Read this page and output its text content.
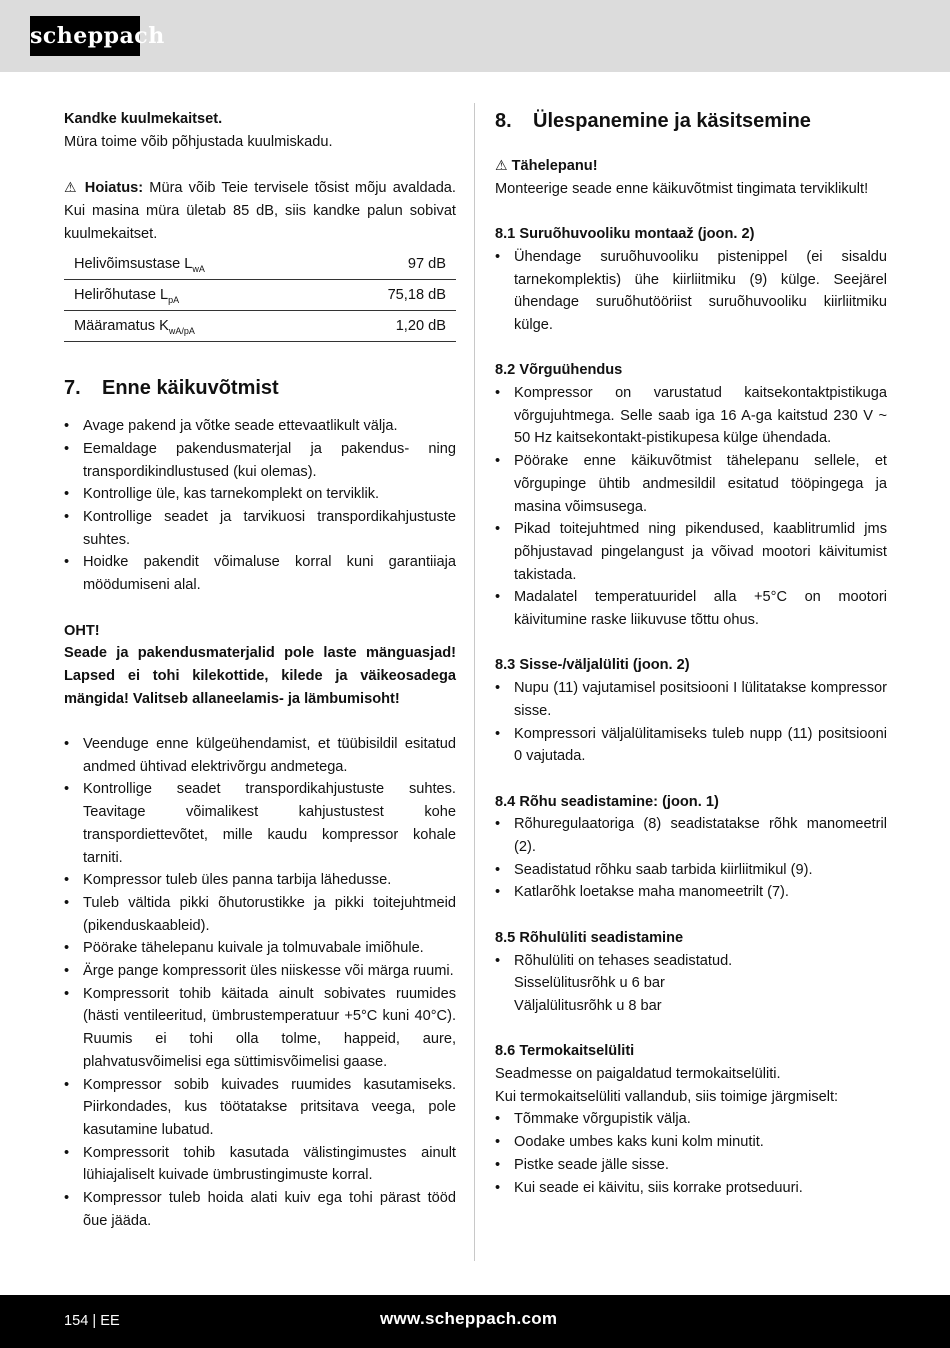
scheppach

Kandke kuulmekaitset.

Müra toime võib põhjustada kuulmiskadu.

⚠ Hoiatus: Müra võib Teie tervisele tõsist mõju avaldada. Kui masina müra ületab 85 dB, siis kandke palun sobivat kuulmekaitset.

Helivõimsustase $L_{wA}$	97 dB
Helirõhutase $L_{pA}$	75,18 dB
Määramatus $K_{wA/pA}$	1,20 dB
7. Enne käikuvõtmist
• Avage pakend ja võtke seade ettevaatlikult välja.
• Eemaldage pakendusmaterjal ja pakendus- ning transpordikindlustused (kui olemas).
• Kontrollige üle, kas tarnekomplekt on terviklik.
• Kontrollige seadet ja tarvikuosi transpordikahjustuste suhtes.
• Hoidke pakendit võimaluse korral kuni garantiiaja möödumiseni alal.

OHT!

Seade ja pakendusmaterjalid pole laste mänguasjad! Lapsed ei tohi kilekottide, kilede ja väikeosadega mängida! Valitseb allaneelamis- ja lämbumisoht!

• Veenduge enne külgeühendamist, et tüübisildil esitatud andmed ühtivad elektrivõrgu andmetega.
• Kontrollige seadet transpordikahjustuste suhtes. Teavitage võimalikest kahjustustest kohe transpordiettevõtet, mille kaudu kompressor kohale tarniti.
• Kompressor tuleb üles panna tarbija lähedusse.
• Tuleb vältida pikki õhutorustikke ja pikki toitejuhtmeid (pikenduskaableid).
• Pöörake tähelepanu kuivale ja tolmuvabale imiõhule.
• Ärge pange kompressorit üles niiskesse või märga ruumi.
• Kompressorit tohib käitada ainult sobivates ruumides (hästi ventileeritud, ümbrustemperatuur +5°C kuni 40°C). Ruumis ei tohi olla tolme, happeid, aure, plahvatusvõimelisi ega süttimisvõimelisi gaase.
• Kompressor sobib kuivades ruumides kasutamiseks. Piirkondades, kus töötatakse pritsitava veega, pole kasutamine lubatud.
• Kompressorit tohib kasutada välistingimustes ainult lühiajaliselt kuivade ümbrustingimuste korral.
• Kompressor tuleb hoida alati kuiv ega tohi pärast tööd õue jääda.
8. Ülespanemine ja käsitsemine

⚠ Tähelepanu!

Monteerige seade enne käikuvõtmist tingimata terviklikult!

8.1 Suruõhuvooliku montaaž (joon. 2)

• Ühendage suruõhuvooliku pistenippel (ei sisaldu tarnekomplektis) ühe kiirliitmiku (9) külge. Seejärel ühendage suruõhutööriist suruõhuvooliku kiirliitmiku külge.

8.2 Võrguühendus

• Kompressor on varustatud kaitsekontaktpistikuga võrgujuhtmega. Selle saab iga 16 A-ga kaitstud 230 V ~ 50 Hz kaitsekontakt-pistikupesa külge ühendada.
• Pöörake enne käikuvõtmist tähelepanu sellele, et võrgupinge ühtib andmesildil esitatud tööpingega ja masina võimsusega.
• Pikad toitejuhtmed ning pikendused, kaablitrumlid jms põhjustavad pingelangust ja võivad mootori käivitumist takistada.
• Madalatel temperatuuridel alla +5°C on mootori käivitumine raske liikuvuse tõttu ohus.

8.3 Sisse-/väljalüliti (joon. 2)

• Nupu (11) vajutamisel positsiooni I lülitatakse kompressor sisse.
• Kompressori väljalülitamiseks tuleb nupp (11) positsiooni 0 vajutada.

8.4 Rõhu seadistamine: (joon. 1)

• Rõhuregulaatoriga (8) seadistatakse rõhk manomeetril (2).
• Seadistatud rõhku saab tarbida kiirliitmikul (9).
• Katlarõhk loetakse maha manomeetrilt (7).

8.5 Rõhulüliti seadistamine

• Rõhulüliti on tehases seadistatud.

Sisselülitusrõhk u 6 bar

Väljalülitusrõhk u 8 bar

8.6 Termokaitselüliti

Seadmesse on paigaldatud termokaitselüliti.

Kui termokaitselüliti vallandub, siis toimige järgmiselt:

• Tõmmake võrgupistik välja.
• Oodake umbes kaks kuni kolm minutit.
• Pistke seade jälle sisse.
• Kui seade ei käivitu, siis korrake protseduuri.
154 | EE	www.scheppach.com
